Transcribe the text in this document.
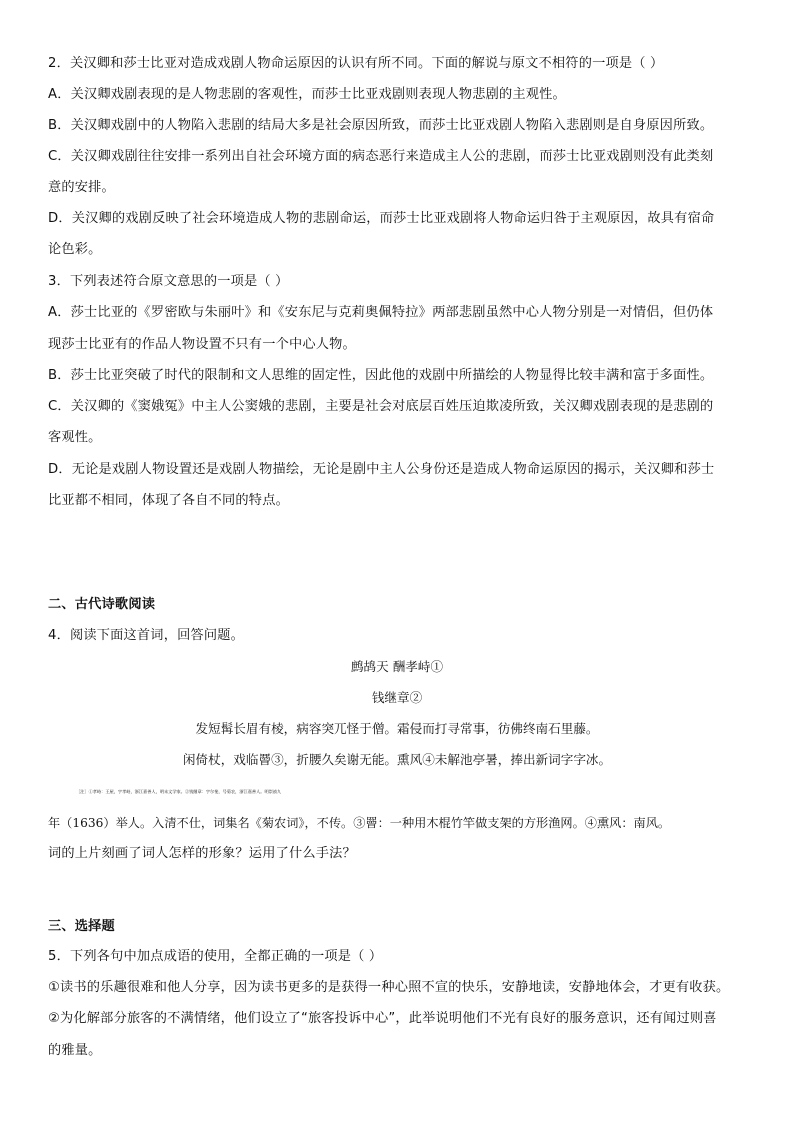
2．关汉卿和莎士比亚对造成戏剧人物命运原因的认识有所不同。下面的解说与原文不相符的一项是（ ）
A．关汉卿戏剧表现的是人物悲剧的客观性，而莎士比亚戏剧则表现人物悲剧的主观性。
B．关汉卿戏剧中的人物陷入悲剧的结局大多是社会原因所致，而莎士比亚戏剧人物陷入悲剧则是自身原因所致。
C．关汉卿戏剧往往安排一系列出自社会环境方面的病态恶行来造成主人公的悲剧，而莎士比亚戏剧则没有此类刻
意的安排。
D．关汉卿的戏剧反映了社会环境造成人物的悲剧命运，而莎士比亚戏剧将人物命运归咎于主观原因，故具有宿命
论色彩。
3．下列表述符合原文意思的一项是（ ）
A．莎士比亚的《罗密欧与朱丽叶》和《安东尼与克莉奥佩特拉》两部悲剧虽然中心人物分别是一对情侣，但仍体
现莎士比亚有的作品人物设置不只有一个中心人物。
B．莎士比亚突破了时代的限制和文人思维的固定性，因此他的戏剧中所描绘的人物显得比较丰满和富于多面性。
C．关汉卿的《窦娥冤》中主人公窦娥的悲剧，主要是社会对底层百姓压迫欺凌所致，关汉卿戏剧表现的是悲剧的
客观性。
D．无论是戏剧人物设置还是戏剧人物描绘，无论是剧中主人公身份还是造成人物命运原因的揭示，关汉卿和莎士
比亚都不相同，体现了各自不同的特点。
二、古代诗歌阅读
4．阅读下面这首词，回答问题。
鹧鸪天 酬孝峙①
钱继章②
发短髯长眉有棱，病容突兀怪于僧。霜侵而打寻常事，彷佛终南石里藤。
闲倚杖，戏临罾③，折腰久矣谢无能。熏风④未解池亭暑，捧出新词字字冰。
［注］①孝峙：王屋，字孝峙，浙江嘉善人，明末文学家。②钱继章：字尔斐，号菊农，浙江嘉善人。明崇祯九
年（1636）举人。入清不仕，词集名《菊农词》，不传。③罾：一种用木棍竹竿做支架的方形渔网。④熏风：南风。
词的上片刻画了词人怎样的形象？运用了什么手法？
三、选择题
5．下列各句中加点成语的使用，全都正确的一项是（ ）
①读书的乐趣很难和他人分享，因为读书更多的是获得一种心照不宣的快乐，安静地读，安静地体会，才更有收获。
②为化解部分旅客的不满情绪，他们设立了“旅客投诉中心”，此举说明他们不光有良好的服务意识，还有闻过则喜
的雅量。
